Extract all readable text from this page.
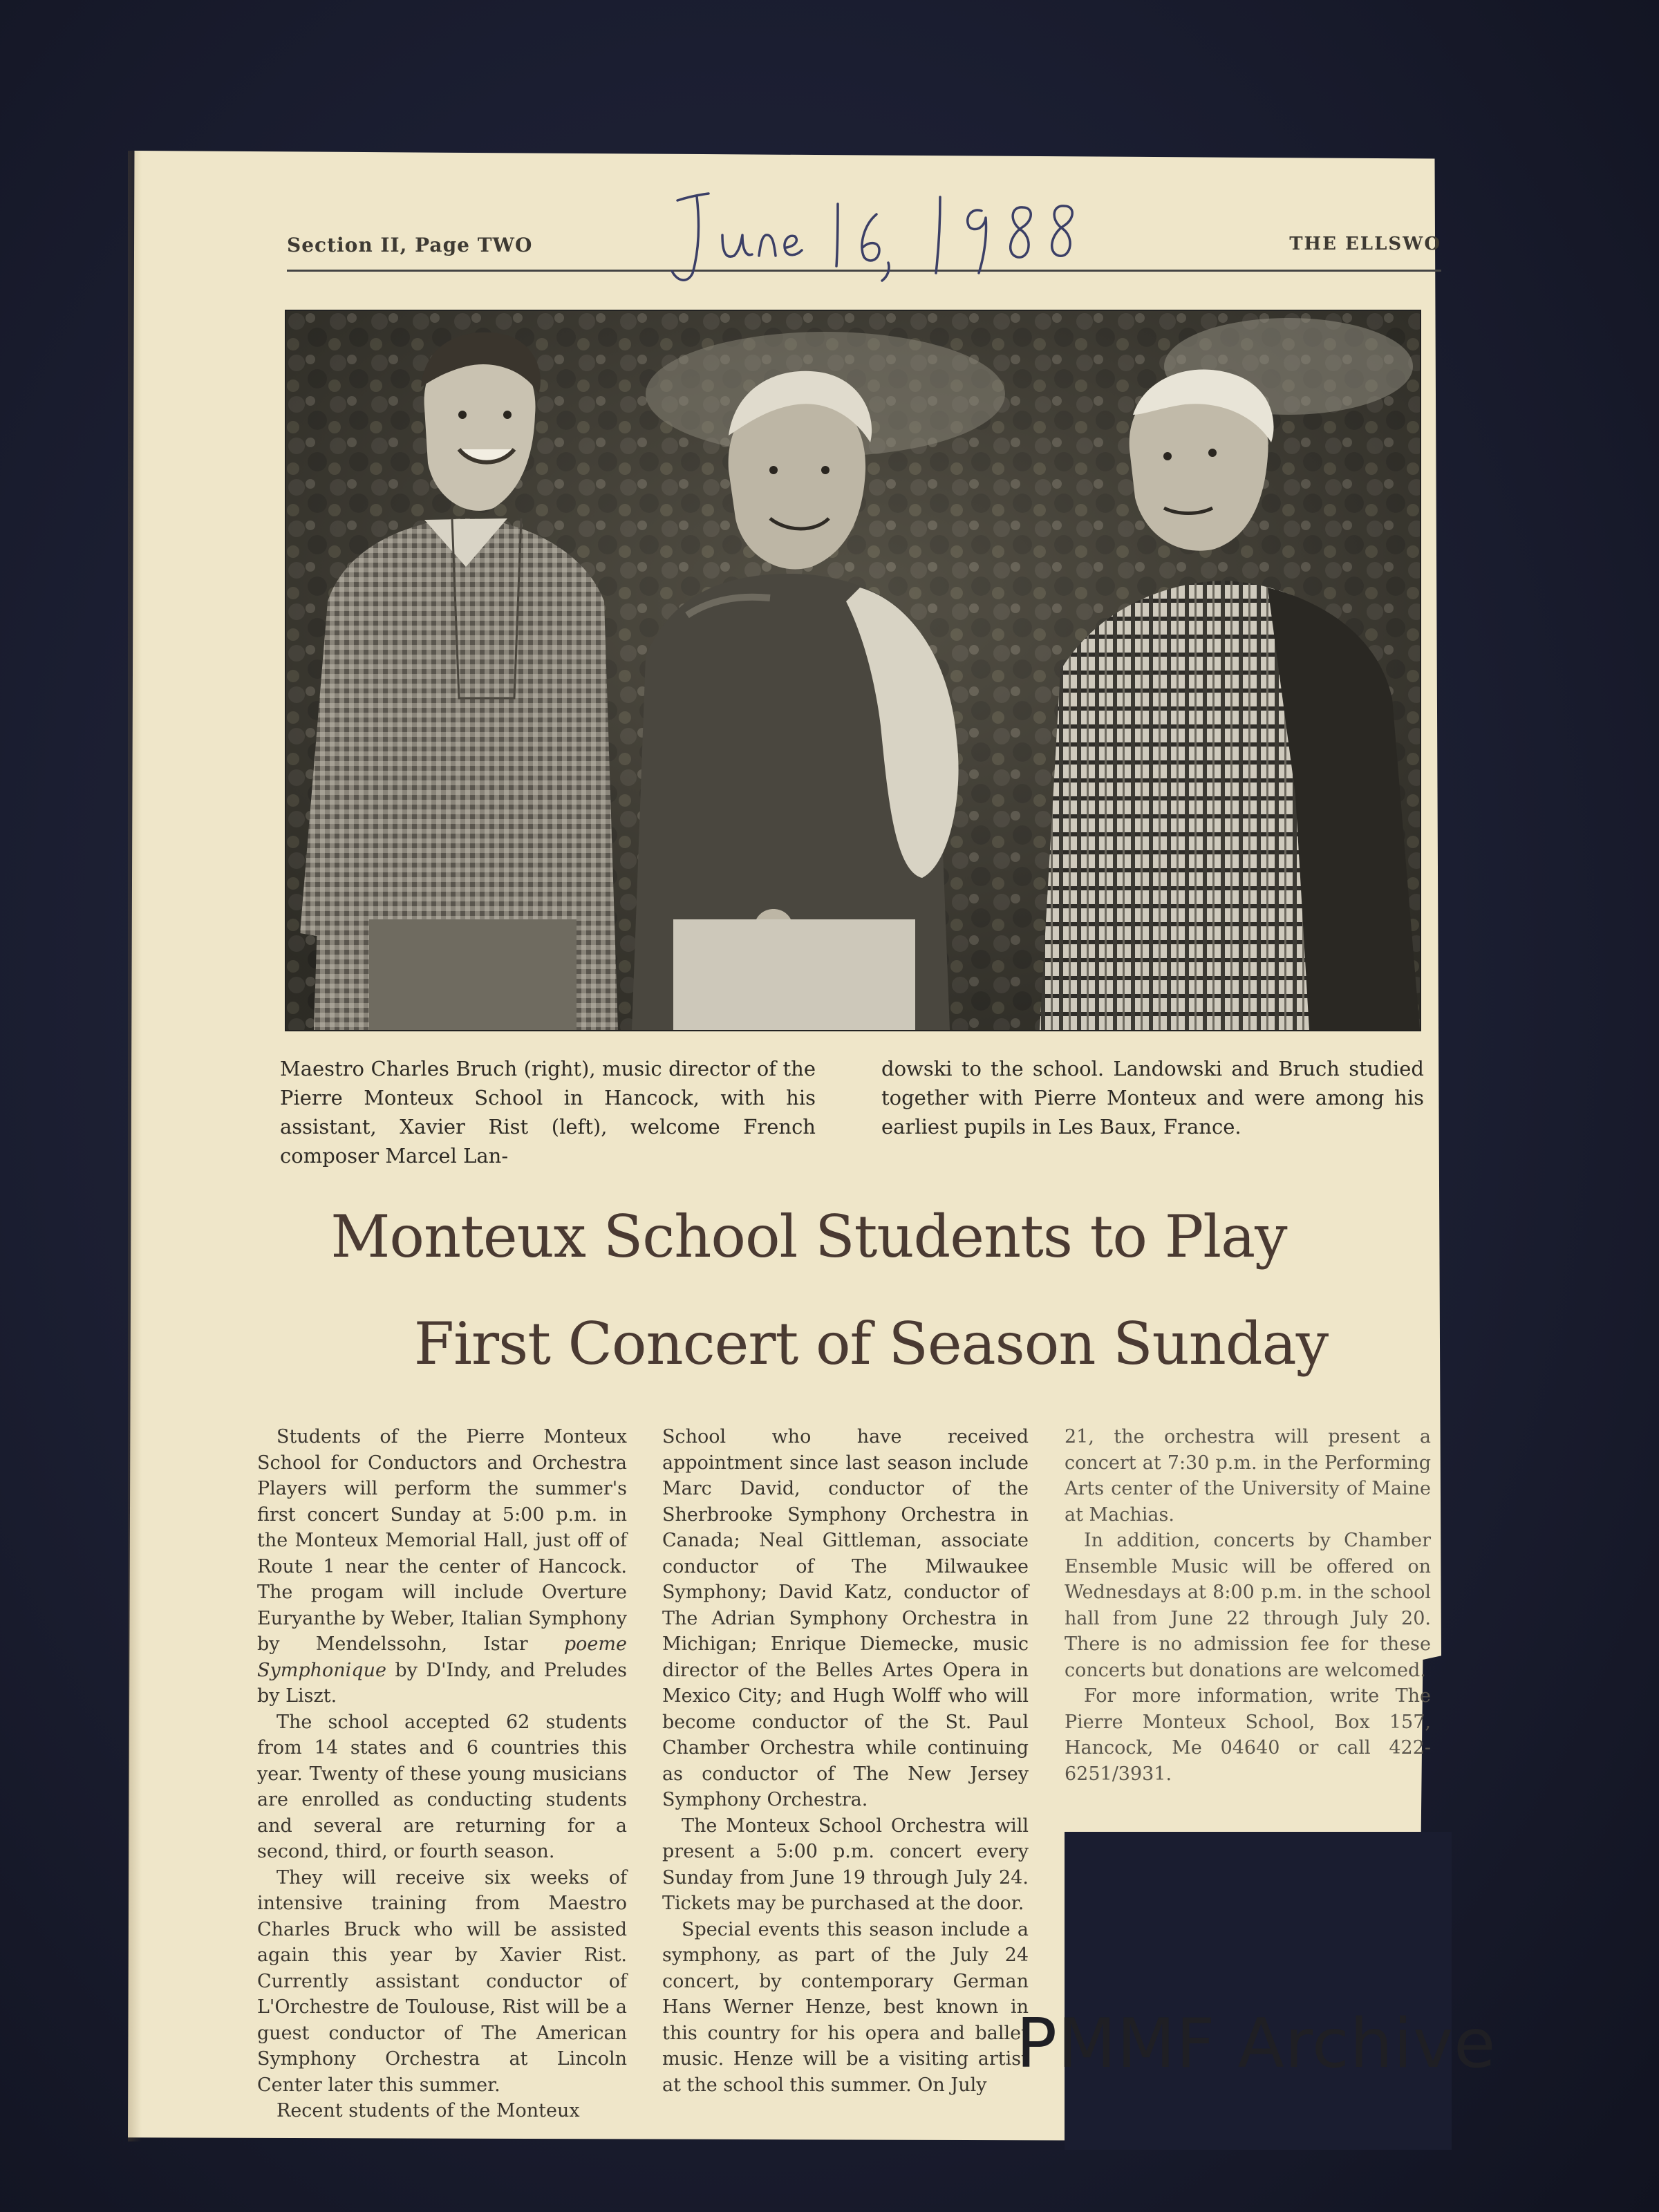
Section II, Page TWO	THE ELLSWO
Maestro Charles Bruch (right), music director of the Pierre Monteux School in Hancock, with his assistant, Xavier Rist (left), welcome French composer Marcel Lan-
dowski to the school. Landowski and Bruch studied together with Pierre Monteux and were among his earliest pupils in Les Baux, France.
Monteux School Students to Play
First Concert of Season Sunday

Students of the Pierre Monteux School for Conductors and Orchestra Players will perform the summer's first concert Sunday at 5:00 p.m. in the Monteux Memorial Hall, just off of Route 1 near the center of Hancock. The progam will include Overture Euryanthe by Weber, Italian Symphony by Mendelssohn, Istar poeme Symphonique by D'Indy, and Preludes by Liszt.

The school accepted 62 students from 14 states and 6 countries this year. Twenty of these young musicians are enrolled as conducting students and several are returning for a second, third, or fourth season.

They will receive six weeks of intensive training from Maestro Charles Bruck who will be assisted again this year by Xavier Rist. Currently assistant conductor of L'Orchestre de Toulouse, Rist will be a guest conductor of The American Symphony Orchestra at Lincoln Center later this summer.

Recent students of the Monteux

School who have received appointment since last season include Marc David, conductor of the Sherbrooke Symphony Orchestra in Canada; Neal Gittleman, associate conductor of The Milwaukee Symphony; David Katz, conductor of The Adrian Symphony Orchestra in Michigan; Enrique Diemecke, music director of the Belles Artes Opera in Mexico City; and Hugh Wolff who will become conductor of the St. Paul Chamber Orchestra while continuing as conductor of The New Jersey Symphony Orchestra.

The Monteux School Orchestra will present a 5:00 p.m. concert every Sunday from June 19 through July 24. Tickets may be purchased at the door.

Special events this season include a symphony, as part of the July 24 concert, by contemporary German Hans Werner Henze, best known in this country for his opera and ballet music. Henze will be a visiting artist at the school this summer. On July

21, the orchestra will present a concert at 7:30 p.m. in the Performing Arts center of the University of Maine at Machias.

In addition, concerts by Chamber Ensemble Music will be offered on Wednesdays at 8:00 p.m. in the school hall from June 22 through July 20. There is no admission fee for these concerts but donations are welcomed.

For more information, write The Pierre Monteux School, Box 157, Hancock, Me 04640 or call 422-6251/3931.

PMMF Archive
